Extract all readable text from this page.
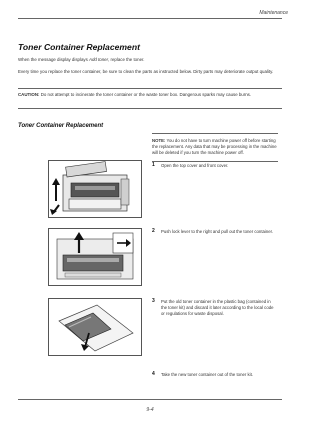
Maintenance
Toner Container Replacement
When the message display displays Add toner, replace the toner.
Every time you replace the toner container, be sure to clean the parts as instructed below. Dirty parts may deteriorate output quality.
CAUTION: Do not attempt to incinerate the toner container or the waste toner box. Dangerous sparks may cause burns.
Toner Container Replacement
NOTE: You do not have to turn machine power off before starting the replacement. Any data that may be processing in the machine will be deleted if you turn the machine power off.
1 Open the top cover and front cover.
2 Push lock lever to the right and pull out the toner container.
3 Put the old toner container in the plastic bag (contained in the toner kit) and discard it later according to the local code or regulations for waste disposal.
4 Take the new toner container out of the toner kit.
9-4
